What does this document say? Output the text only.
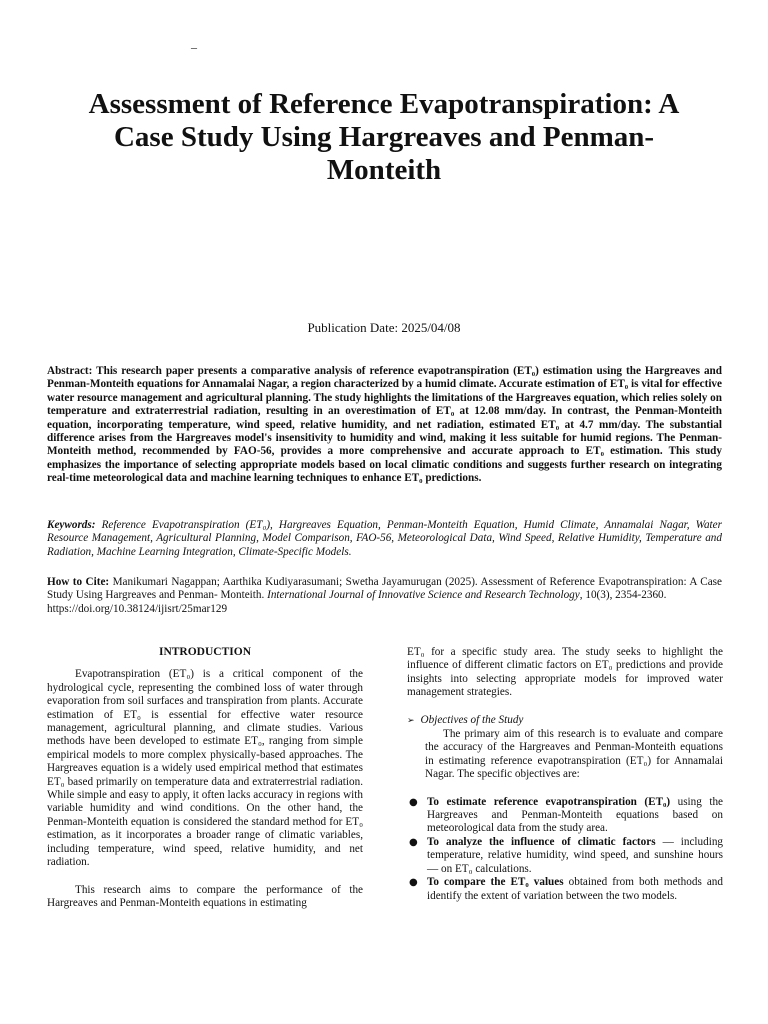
–
Assessment of Reference Evapotranspiration: A Case Study Using Hargreaves and Penman- Monteith
Publication Date: 2025/04/08
Abstract: This research paper presents a comparative analysis of reference evapotranspiration (ET₀) estimation using the Hargreaves and Penman-Monteith equations for Annamalai Nagar, a region characterized by a humid climate. Accurate estimation of ET₀ is vital for effective water resource management and agricultural planning. The study highlights the limitations of the Hargreaves equation, which relies solely on temperature and extraterrestrial radiation, resulting in an overestimation of ET₀ at 12.08 mm/day. In contrast, the Penman-Monteith equation, incorporating temperature, wind speed, relative humidity, and net radiation, estimated ET₀ at 4.7 mm/day. The substantial difference arises from the Hargreaves model's insensitivity to humidity and wind, making it less suitable for humid regions. The Penman-Monteith method, recommended by FAO-56, provides a more comprehensive and accurate approach to ET₀ estimation. This study emphasizes the importance of selecting appropriate models based on local climatic conditions and suggests further research on integrating real-time meteorological data and machine learning techniques to enhance ET₀ predictions.
Keywords: Reference Evapotranspiration (ET₀), Hargreaves Equation, Penman-Monteith Equation, Humid Climate, Annamalai Nagar, Water Resource Management, Agricultural Planning, Model Comparison, FAO-56, Meteorological Data, Wind Speed, Relative Humidity, Temperature and Radiation, Machine Learning Integration, Climate-Specific Models.
How to Cite: Manikumari Nagappan; Aarthika Kudiyarasumani; Swetha Jayamurugan (2025). Assessment of Reference Evapotranspiration: A Case Study Using Hargreaves and Penman- Monteith. International Journal of Innovative Science and Research Technology, 10(3), 2354-2360.
https://doi.org/10.38124/ijisrt/25mar129
INTRODUCTION

Evapotranspiration (ET₀) is a critical component of the hydrological cycle, representing the combined loss of water through evaporation from soil surfaces and transpiration from plants. Accurate estimation of ET₀ is essential for effective water resource management, agricultural planning, and climate studies. Various methods have been developed to estimate ET₀, ranging from simple empirical models to more complex physically-based approaches. The Hargreaves equation is a widely used empirical method that estimates ET₀ based primarily on temperature data and extraterrestrial radiation. While simple and easy to apply, it often lacks accuracy in regions with variable humidity and wind conditions. On the other hand, the Penman-Monteith equation is considered the standard method for ET₀ estimation, as it incorporates a broader range of climatic variables, including temperature, wind speed, relative humidity, and net radiation.

This research aims to compare the performance of the Hargreaves and Penman-Monteith equations in estimating

ET₀ for a specific study area. The study seeks to highlight the influence of different climatic factors on ET₀ predictions and provide insights into selecting appropriate models for improved water management strategies.

➢ Objectives of the Study

The primary aim of this research is to evaluate and compare the accuracy of the Hargreaves and Penman-Monteith equations in estimating reference evapotranspiration (ET₀) for Annamalai Nagar. The specific objectives are:

● To estimate reference evapotranspiration (ET₀) using the Hargreaves and Penman-Monteith equations based on meteorological data from the study area.
● To analyze the influence of climatic factors — including temperature, relative humidity, wind speed, and sunshine hours — on ET₀ calculations.
● To compare the ET₀ values obtained from both methods and identify the extent of variation between the two models.
